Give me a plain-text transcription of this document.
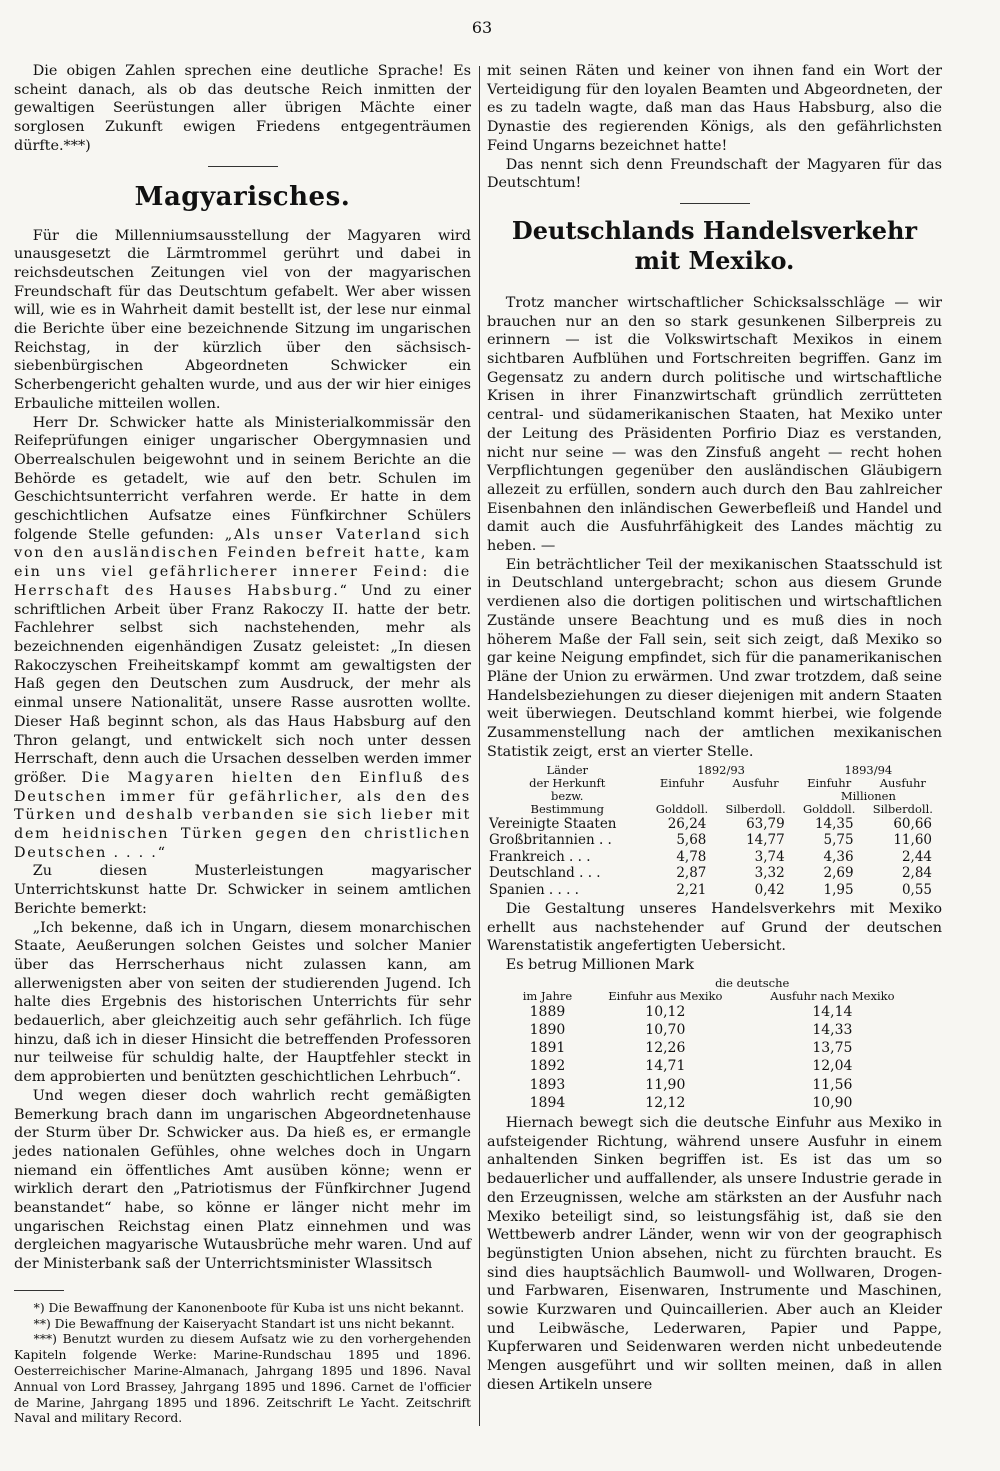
63

Die obigen Zahlen sprechen eine deutliche Sprache! Es scheint danach, als ob das deutsche Reich inmitten der gewaltigen Seerüstungen aller übrigen Mächte einer sorglosen Zukunft ewigen Friedens entgegenträumen dürfte.***)

Magyarisches.

Für die Millenniumsausstellung der Magyaren wird unausgesetzt die Lärmtrommel gerührt und dabei in reichsdeutschen Zeitungen viel von der magyarischen Freundschaft für das Deutschtum gefabelt. Wer aber wissen will, wie es in Wahrheit damit bestellt ist, der lese nur einmal die Berichte über eine bezeichnende Sitzung im ungarischen Reichstag, in der kürzlich über den sächsisch-siebenbürgischen Abgeordneten Schwicker ein Scherbengericht gehalten wurde, und aus der wir hier einiges Erbauliche mitteilen wollen.

Herr Dr. Schwicker hatte als Ministerialkommissär den Reifeprüfungen einiger ungarischer Obergymnasien und Oberrealschulen beigewohnt und in seinem Berichte an die Behörde es getadelt, wie auf den betr. Schulen im Geschichtsunterricht verfahren werde. Er hatte in dem geschichtlichen Aufsatze eines Fünfkirchner Schülers folgende Stelle gefunden: „Als unser Vaterland sich von den ausländischen Feinden befreit hatte, kam ein uns viel gefährlicherer innerer Feind: die Herrschaft des Hauses Habsburg.“ Und zu einer schriftlichen Arbeit über Franz Rakoczy II. hatte der betr. Fachlehrer selbst sich nachstehenden, mehr als bezeichnenden eigenhändigen Zusatz geleistet: „In diesen Rakoczyschen Freiheitskampf kommt am gewaltigsten der Haß gegen den Deutschen zum Ausdruck, der mehr als einmal unsere Nationalität, unsere Rasse ausrotten wollte. Dieser Haß beginnt schon, als das Haus Habsburg auf den Thron gelangt, und entwickelt sich noch unter dessen Herrschaft, denn auch die Ursachen desselben werden immer größer. Die Magyaren hielten den Einfluß des Deutschen immer für gefährlicher, als den des Türken und deshalb verbanden sie sich lieber mit dem heidnischen Türken gegen den christlichen Deutschen . . . .“

Zu diesen Musterleistungen magyarischer Unterrichtskunst hatte Dr. Schwicker in seinem amtlichen Berichte bemerkt:

„Ich bekenne, daß ich in Ungarn, diesem monarchischen Staate, Aeußerungen solchen Geistes und solcher Manier über das Herrscherhaus nicht zulassen kann, am allerwenigsten aber von seiten der studierenden Jugend. Ich halte dies Ergebnis des historischen Unterrichts für sehr bedauerlich, aber gleichzeitig auch sehr gefährlich. Ich füge hinzu, daß ich in dieser Hinsicht die betreffenden Professoren nur teilweise für schuldig halte, der Hauptfehler steckt in dem approbierten und benützten geschichtlichen Lehrbuch“.

Und wegen dieser doch wahrlich recht gemäßigten Bemerkung brach dann im ungarischen Abgeordnetenhause der Sturm über Dr. Schwicker aus. Da hieß es, er ermangle jedes nationalen Gefühles, ohne welches doch in Ungarn niemand ein öffentliches Amt ausüben könne; wenn er wirklich derart den „Patriotismus der Fünfkirchner Jugend beanstandet“ habe, so könne er länger nicht mehr im ungarischen Reichstag einen Platz einnehmen und was dergleichen magyarische Wutausbrüche mehr waren. Und auf der Ministerbank saß der Unterrichtsminister Wlassitsch

*) Die Bewaffnung der Kanonenboote für Kuba ist uns nicht bekannt.

**) Die Bewaffnung der Kaiseryacht Standart ist uns nicht bekannt.

***) Benutzt wurden zu diesem Aufsatz wie zu den vorhergehenden Kapiteln folgende Werke: Marine-Rundschau 1895 und 1896. Oesterreichischer Marine-Almanach, Jahrgang 1895 und 1896. Naval Annual von Lord Brassey, Jahrgang 1895 und 1896. Carnet de l'officier de Marine, Jahrgang 1895 und 1896. Zeitschrift Le Yacht. Zeitschrift Naval and military Record.

mit seinen Räten und keiner von ihnen fand ein Wort der Verteidigung für den loyalen Beamten und Abgeordneten, der es zu tadeln wagte, daß man das Haus Habsburg, also die Dynastie des regierenden Königs, als den gefährlichsten Feind Ungarns bezeichnet hatte!

Das nennt sich denn Freundschaft der Magyaren für das Deutschtum!

Deutschlands Handelsverkehr mit Mexiko.

Trotz mancher wirtschaftlicher Schicksalsschläge — wir brauchen nur an den so stark gesunkenen Silberpreis zu erinnern — ist die Volkswirtschaft Mexikos in einem sichtbaren Aufblühen und Fortschreiten begriffen. Ganz im Gegensatz zu andern durch politische und wirtschaftliche Krisen in ihrer Finanzwirtschaft gründlich zerrütteten central- und südamerikanischen Staaten, hat Mexiko unter der Leitung des Präsidenten Porfirio Diaz es verstanden, nicht nur seine — was den Zinsfuß angeht — recht hohen Verpflichtungen gegenüber den ausländischen Gläubigern allezeit zu erfüllen, sondern auch durch den Bau zahlreicher Eisenbahnen den inländischen Gewerbefleiß und Handel und damit auch die Ausfuhrfähigkeit des Landes mächtig zu heben. —

Ein beträchtlicher Teil der mexikanischen Staatsschuld ist in Deutschland untergebracht; schon aus diesem Grunde verdienen also die dortigen politischen und wirtschaftlichen Zustände unsere Beachtung und es muß dies in noch höherem Maße der Fall sein, seit sich zeigt, daß Mexiko so gar keine Neigung empfindet, sich für die panamerikanischen Pläne der Union zu erwärmen. Und zwar trotzdem, daß seine Handelsbeziehungen zu dieser diejenigen mit andern Staaten weit überwiegen. Deutschland kommt hierbei, wie folgende Zusammenstellung nach der amtlichen mexikanischen Statistik zeigt, erst an vierter Stelle.

Länder	1892/93		1893/94	
der Herkunft	Einfuhr	Ausfuhr	Einfuhr	Ausfuhr
bezw.			Millionen	
Bestimmung	Golddoll.	Silberdoll.	Golddoll.	Silberdoll.
Vereinigte Staaten	26,24	63,79	14,35	60,66
Großbritannien . .	5,68	14,77	5,75	11,60
Frankreich . . .	4,78	3,74	4,36	2,44
Deutschland . . .	2,87	3,32	2,69	2,84
Spanien . . . .	2,21	0,42	1,95	0,55

Die Gestaltung unseres Handelsverkehrs mit Mexiko erhellt aus nachstehender auf Grund der deutschen Warenstatistik angefertigten Uebersicht.

Es betrug Millionen Mark

	die deutsche	
im Jahre	Einfuhr aus Mexiko	Ausfuhr nach Mexiko
1889	10,12	14,14
1890	10,70	14,33
1891	12,26	13,75
1892	14,71	12,04
1893	11,90	11,56
1894	12,12	10,90

Hiernach bewegt sich die deutsche Einfuhr aus Mexiko in aufsteigender Richtung, während unsere Ausfuhr in einem anhaltenden Sinken begriffen ist. Es ist das um so bedauerlicher und auffallender, als unsere Industrie gerade in den Erzeugnissen, welche am stärksten an der Ausfuhr nach Mexiko beteiligt sind, so leistungsfähig ist, daß sie den Wettbewerb andrer Länder, wenn wir von der geographisch begünstigten Union absehen, nicht zu fürchten braucht. Es sind dies hauptsächlich Baumwoll- und Wollwaren, Drogen- und Farbwaren, Eisenwaren, Instrumente und Maschinen, sowie Kurzwaren und Quincaillerien. Aber auch an Kleider und Leibwäsche, Lederwaren, Papier und Pappe, Kupferwaren und Seidenwaren werden nicht unbedeutende Mengen ausgeführt und wir sollten meinen, daß in allen diesen Artikeln unsere
